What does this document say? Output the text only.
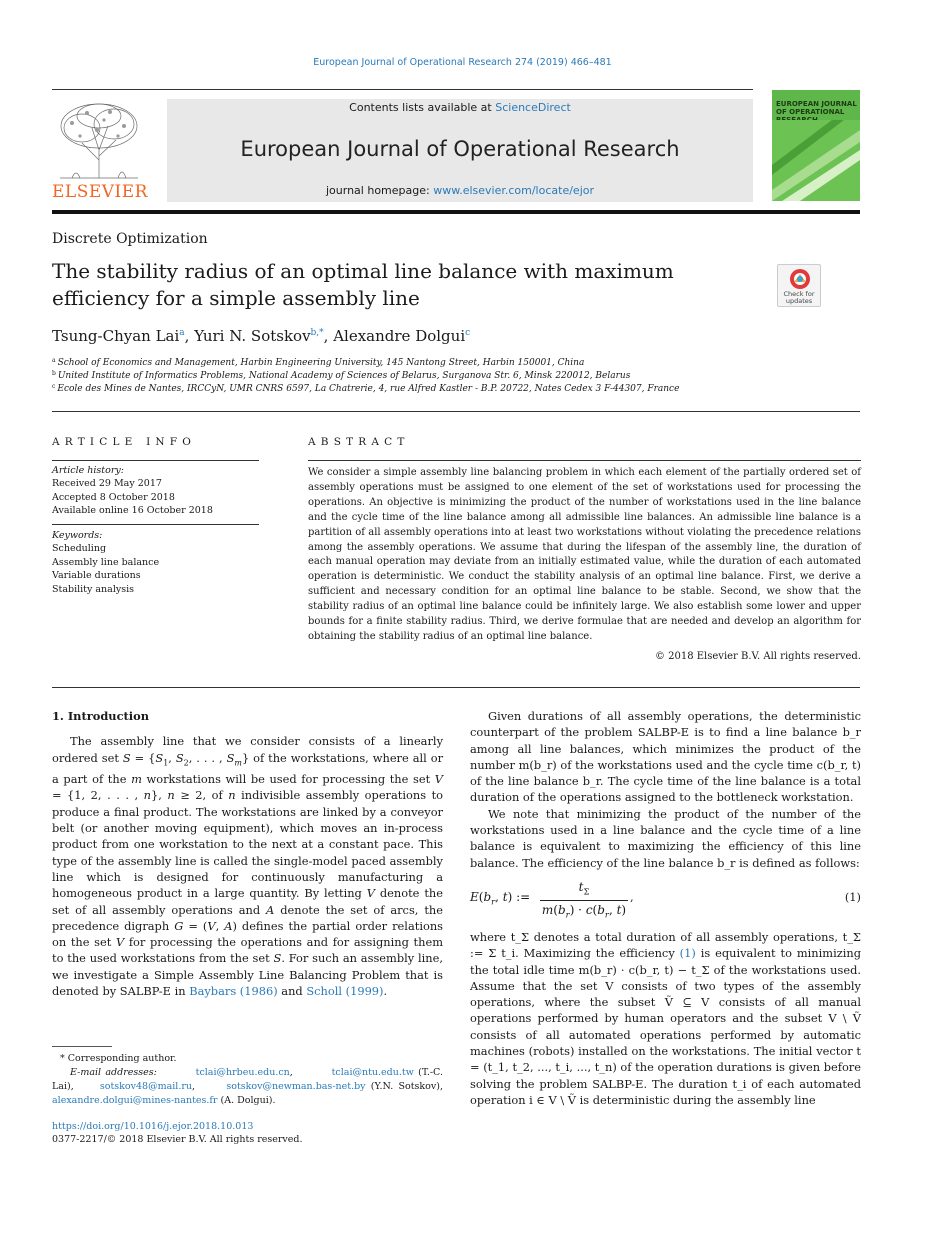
European Journal of Operational Research 274 (2019) 466–481
ELSEVIER
Contents lists available at ScienceDirect
European Journal of Operational Research
journal homepage: www.elsevier.com/locate/ejor
EUROPEAN JOURNAL OF OPERATIONAL
Discrete Optimization
The stability radius of an optimal line balance with maximum efficiency for a simple assembly line	Check for updates
Tsung-Chyan Lai$^a$, Yuri N. Sotskov$^{b,*}$, Alexandre Dolgui$^c$
$^a$ School of Economics and Management, Harbin Engineering University, 145 Nantong Street, Harbin 150001, China
$^b$ United Institute of Informatics Problems, National Academy of Sciences of Belarus, Surganova Str. 6, Minsk 220012, Belarus
$^c$ Ecole des Mines de Nantes, IRCCyN, UMR CNRS 6597, La Chatrerie, 4, rue Alfred Kastler - B.P. 20722, Nates Cedex 3 F-44307, France
ARTICLE INFO
Article history:
Received 29 May 2017
Accepted 8 October 2018
Available online 16 October 2018
Keywords:
Scheduling
Assembly line balance
Variable durations
Stability analysis
ABSTRACT
We consider a simple assembly line balancing problem in which each element of the partially ordered set of assembly operations must be assigned to one element of the set of workstations used for processing the operations. An objective is minimizing the product of the number of workstations used in the line balance and the cycle time of the line balance among all admissible line balances. An admissible line balance is a partition of all assembly operations into at least two workstations without violating the precedence relations among the assembly operations. We assume that during the lifespan of the assembly line, the duration of each manual operation may deviate from an initially estimated value, while the duration of each automated operation is deterministic. We conduct the stability analysis of an optimal line balance. First, we derive a sufficient and necessary condition for an optimal line balance to be stable. Second, we show that the stability radius of an optimal line balance could be infinitely large. We also establish some lower and upper bounds for a finite stability radius. Third, we derive formulae that are needed and develop an algorithm for obtaining the stability radius of an optimal line balance.
© 2018 Elsevier B.V. All rights reserved.
1. Introduction

The assembly line that we consider consists of a linearly ordered set $S = \{S_1$, $S_2$, . . . , $S_m$} of the workstations, where all or a part of the m workstations will be used for processing the set V = {1, 2, . . . , n}, n ≥ 2, of n indivisible assembly operations to produce a final product. The workstations are linked by a conveyor belt (or another moving equipment), which moves an in-process product from one workstation to the next at a constant pace. This type of the assembly line is called the single-model paced assembly line which is designed for continuously manufacturing a homogeneous product in a large quantity. By letting V denote the set of all assembly operations and A denote the set of arcs, the precedence digraph G = (V, A) defines the partial order relations on the set V for processing the operations and for assigning them to the used workstations from the set S. For such an assembly line, we investigate a Simple Assembly Line Balancing Problem that is denoted by SALBP-E in Baybars (1986) and Scholl (1999).

* Corresponding author.
E-mail addresses:	tclai@hrbeu.edu.cn,         tclai@ntu.edu.tw (T.-C. Lai),	sotskov48@mail.ru,      sotskov@newman.bas-net.by (Y.N. Sotskov), alexandre.dolgui@mines-nantes.fr (A. Dolgui).
https://doi.org/10.1016/j.ejor.2018.10.013
0377-2217/© 2018 Elsevier B.V. All rights reserved.

Given durations of all assembly operations, the deterministic counterpart of the problem SALBP-E is to find a line balance b_r among all line balances, which minimizes the product of the number m(b_r) of the workstations used and the cycle time c(b_r, t) of the line balance b_r. The cycle time of the line balance is a total duration of the operations assigned to the bottleneck workstation.

We note that minimizing the product of the number of the workstations used in a line balance and the cycle time of a line balance is equivalent to maximizing the efficiency of this line balance. The efficiency of the line balance b_r is defined as follows:

$E(b_r$, t) :=
$t_\Sigma$
$m(b_r) \cdot c(b_r$, t)
,	(1)

where t_Σ denotes a total duration of all assembly operations, t_Σ := Σ t_i. Maximizing the efficiency (1) is equivalent to minimizing the total idle time m(b_r) · c(b_r, t) − t_Σ of the workstations used. Assume that the set V consists of two types of the assembly operations, where the subset Ṽ ⊆ V consists of all manual operations performed by human operators and the subset V \ Ṽ consists of all automated operations performed by automatic machines (robots) installed on the workstations. The initial vector t = (t_1, t_2, ..., t_i, ..., t_n) of the operation durations is given before solving the problem SALBP-E. The duration t_i of each automated operation i ∈ V \ Ṽ is deterministic during the assembly line
